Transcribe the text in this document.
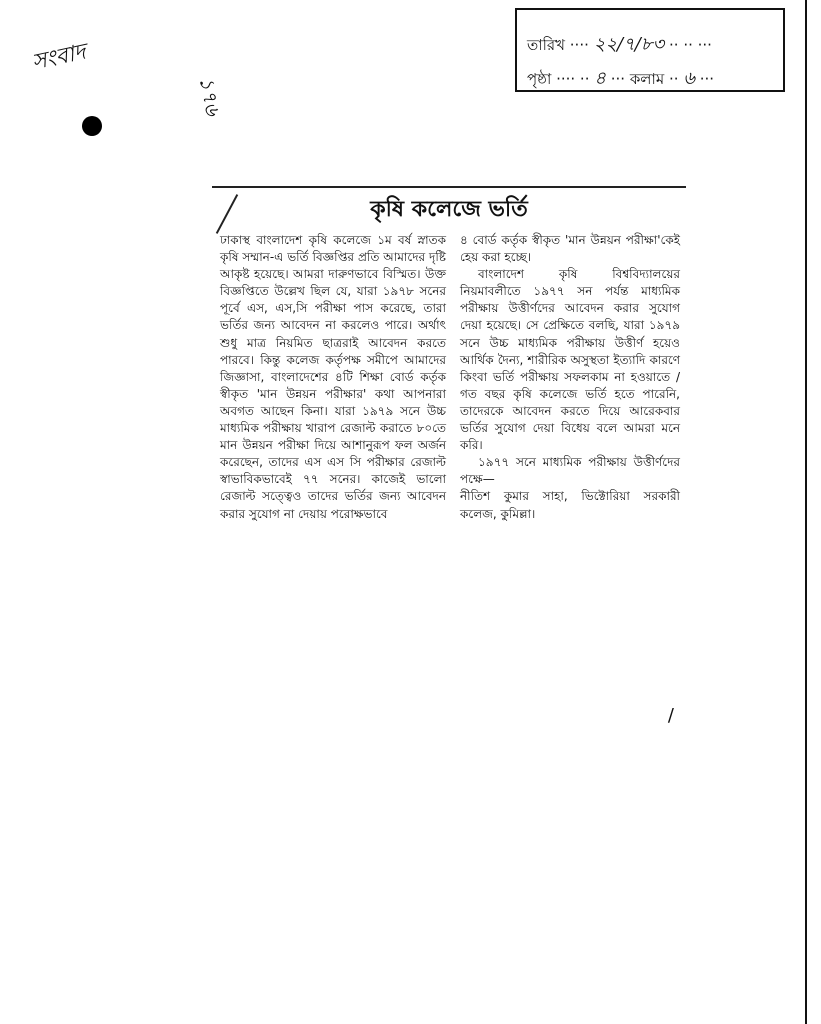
সংবাদ
১৭৬
তারিখ ···· ২২/৭/৮৩ ·· ·· ···
পৃষ্ঠা ···· ·· ৪ ··· কলাম ·· ৬ ···
কৃষি কলেজে ভর্তি

ঢাকাস্থ বাংলাদেশ কৃষি কলেজে ১ম বর্ষ স্নাতক কৃষি সম্মান-এ ভর্তি বিজ্ঞপ্তির প্রতি আমাদের দৃষ্টি আকৃষ্ট হয়েছে। আমরা দারুণভাবে বিস্মিত। উক্ত বিজ্ঞপ্তিতে উল্লেখ ছিল যে, যারা ১৯৭৮ সনের পূর্বে এস, এস,সি পরীক্ষা পাস করেছে, তারা ভর্তির জন্য আবেদন না করলেও পারে। অর্থাৎ শুধু মাত্র নিয়মিত ছাত্ররাই আবেদন করতে পারবে। কিন্তু কলেজ কর্তৃপক্ষ সমীপে আমাদের জিজ্ঞাসা, বাংলাদেশের ৪টি শিক্ষা বোর্ড কর্তৃক স্বীকৃত 'মান উন্নয়ন পরীক্ষার' কথা আপনারা অবগত আছেন কিনা। যারা ১৯৭৯ সনে উচ্চ মাধ্যমিক পরীক্ষায় খারাপ রেজাল্ট করাতে ৮০তে মান উন্নয়ন পরীক্ষা দিয়ে আশানুরূপ ফল অর্জন করেছেন, তাদের এস এস সি পরীক্ষার রেজাল্ট স্বাভাবিকভাবেই ৭৭ সনের। কাজেই ভালো রেজাল্ট সত্ত্বেও তাদের ভর্তির জন্য আবেদন করার সুযোগ না দেয়ায় পরোক্ষভাবে

৪ বোর্ড কর্তৃক স্বীকৃত 'মান উন্নয়ন পরীক্ষা'কেই হেয় করা হচ্ছে।

বাংলাদেশ কৃষি বিশ্ববিদ্যালয়ের নিয়মাবলীতে ১৯৭৭ সন পর্যন্ত মাধ্যমিক পরীক্ষায় উত্তীর্ণদের আবেদন করার সুযোগ দেয়া হয়েছে। সে প্রেক্ষিতে বলছি, যারা ১৯৭৯ সনে উচ্চ মাধ্যমিক পরীক্ষায় উত্তীর্ণ হয়েও আর্থিক দৈন্য, শারীরিক অসুস্থতা ইত্যাদি কারণে কিংবা ভর্তি পরীক্ষায় সফলকাম না হওয়াতে / গত বছর কৃষি কলেজে ভর্তি হতে পারেনি, তাদেরকে আবেদন করতে দিয়ে আরেকবার ভর্তির সুযোগ দেয়া বিধেয় বলে আমরা মনে করি।

১৯৭৭ সনে মাধ্যমিক পরীক্ষায় উত্তীর্ণদের পক্ষে—

নীতিশ কুমার সাহা, ভিক্টোরিয়া সরকারী কলেজ, কুমিল্লা।

/
